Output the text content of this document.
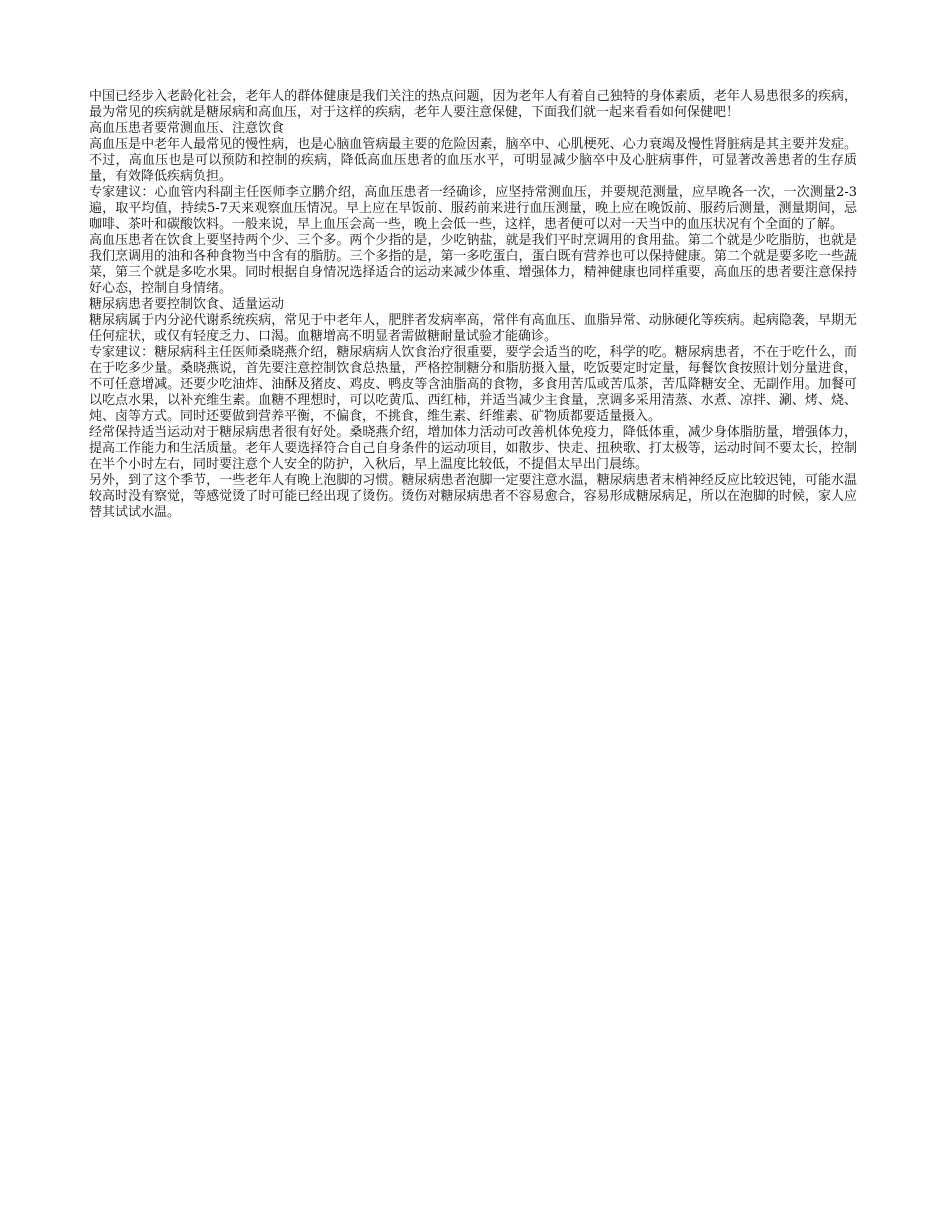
中国已经步入老龄化社会，老年人的群体健康是我们关注的热点问题，因为老年人有着自己独特的身体素质，老年人易患很多的疾病，最为常见的疾病就是糖尿病和高血压，对于这样的疾病，老年人要注意保健，下面我们就一起来看看如何保健吧！

高血压患者要常测血压、注意饮食

高血压是中老年人最常见的慢性病，也是心脑血管病最主要的危险因素，脑卒中、心肌梗死、心力衰竭及慢性肾脏病是其主要并发症。不过，高血压也是可以预防和控制的疾病，降低高血压患者的血压水平，可明显减少脑卒中及心脏病事件，可显著改善患者的生存质量，有效降低疾病负担。

专家建议：心血管内科副主任医师李立鹏介绍，高血压患者一经确诊，应坚持常测血压，并要规范测量，应早晚各一次，一次测量2-3遍，取平均值，持续5-7天来观察血压情况。早上应在早饭前、服药前来进行血压测量，晚上应在晚饭前、服药后测量，测量期间，忌咖啡、茶叶和碳酸饮料。一般来说，早上血压会高一些，晚上会低一些，这样，患者便可以对一天当中的血压状况有个全面的了解。

高血压患者在饮食上要坚持两个少、三个多。两个少指的是，少吃钠盐，就是我们平时烹调用的食用盐。第二个就是少吃脂肪，也就是我们烹调用的油和各种食物当中含有的脂肪。三个多指的是，第一多吃蛋白，蛋白既有营养也可以保持健康。第二个就是要多吃一些蔬菜，第三个就是多吃水果。同时根据自身情况选择适合的运动来减少体重、增强体力，精神健康也同样重要，高血压的患者要注意保持好心态，控制自身情绪。

糖尿病患者要控制饮食、适量运动

糖尿病属于内分泌代谢系统疾病，常见于中老年人，肥胖者发病率高，常伴有高血压、血脂异常、动脉硬化等疾病。起病隐袭，早期无任何症状，或仅有轻度乏力、口渴。血糖增高不明显者需做糖耐量试验才能确诊。

专家建议：糖尿病科主任医师桑晓燕介绍，糖尿病病人饮食治疗很重要，要学会适当的吃，科学的吃。糖尿病患者，不在于吃什么，而在于吃多少量。桑晓燕说，首先要注意控制饮食总热量，严格控制糖分和脂肪摄入量，吃饭要定时定量，每餐饮食按照计划分量进食，不可任意增减。还要少吃油炸、油酥及猪皮、鸡皮、鸭皮等含油脂高的食物，多食用苦瓜或苦瓜茶，苦瓜降糖安全、无副作用。加餐可以吃点水果，以补充维生素。血糖不理想时，可以吃黄瓜、西红柿，并适当减少主食量，烹调多采用清蒸、水煮、凉拌、涮、烤、烧、炖、卤等方式。同时还要做到营养平衡，不偏食，不挑食，维生素、纤维素、矿物质都要适量摄入。

经常保持适当运动对于糖尿病患者很有好处。桑晓燕介绍，增加体力活动可改善机体免疫力，降低体重，减少身体脂肪量，增强体力，提高工作能力和生活质量。老年人要选择符合自己自身条件的运动项目，如散步、快走、扭秧歌、打太极等，运动时间不要太长，控制在半个小时左右，同时要注意个人安全的防护，入秋后，早上温度比较低，不提倡太早出门晨练。

另外，到了这个季节，一些老年人有晚上泡脚的习惯。糖尿病患者泡脚一定要注意水温，糖尿病患者末梢神经反应比较迟钝，可能水温较高时没有察觉，等感觉烫了时可能已经出现了烫伤。烫伤对糖尿病患者不容易愈合，容易形成糖尿病足，所以在泡脚的时候，家人应替其试试水温。
